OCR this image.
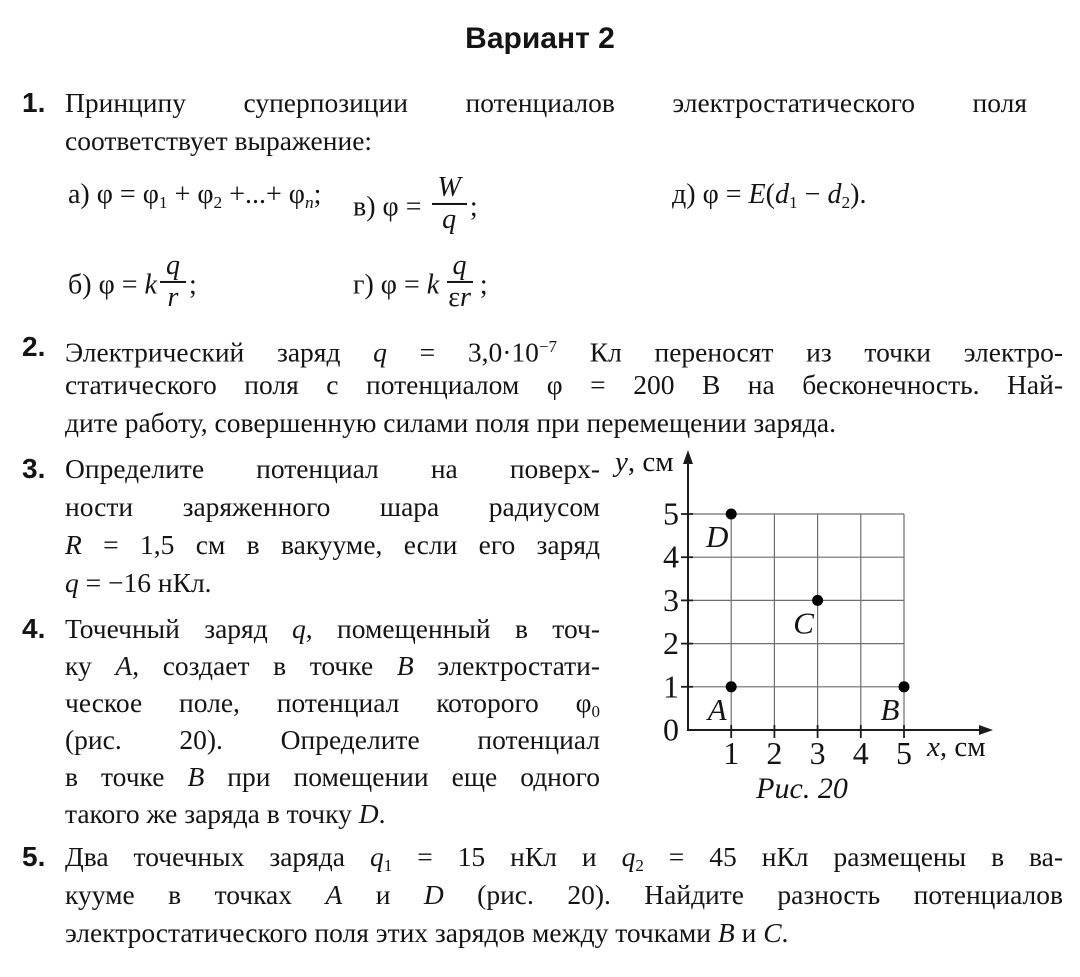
Вариант 2
1. Принципу суперпозиции потенциалов электростатического поля
соответствует выражение:
а) φ = φ1 + φ2 +...+ φn; в) $\varphi = \frac{W}{q}$ ;	д) φ = E(d1 − d2).
б) φ = k $\frac{q}{r}$ ;	г) φ = k $\frac{q}{\varepsilon r}$ ;
2. Электрический заряд $q = 3,0\cdot 10^{-7}$ Кл переносят из точки электро-
статического поля с потенциалом φ = 200 В на бесконечность. Най-
дите работу, совершенную силами поля при перемещении заряда.
3. Определите потенциал на поверх-
ности заряженного шара радиусом
R = 1,5 см в вакууме, если его заряд
q = −16 нКл.
4. Точечный заряд q, помещенный в точ-
ку A, создает в точке B электростати-
ческое поле, потенциал которого φ0
(рис. 20). Определите потенциал
в точке B при помещении еще одного
такого же заряда в точку D.
5. Два точечных заряда q1 = 15 нКл и q2 = 45 нКл размещены в ва-
кууме в точках A и D (рис. 20). Найдите разность потенциалов
электростатического поля этих зарядов между точками B и C.
0
1
2
3
4
5
1 2 3 4 5
y, см
x, см
D
C
A	B
Рис. 20
